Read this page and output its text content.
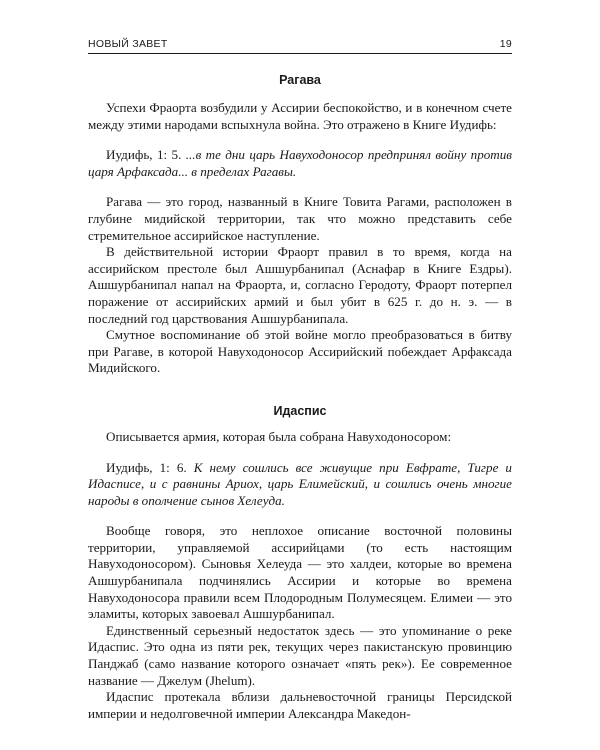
НОВЫЙ ЗАВЕТ	19
Рагава

Успехи Фраорта возбудили у Ассирии беспокойство, и в конечном счете между этими народами вспыхнула война. Это отражено в Книге Иудифь:

Иудифь, 1: 5. ...в те дни царь Навуходоносор предпринял войну против царя Арфаксада... в пределах Рагавы.

Рагава — это город, названный в Книге Товита Рагами, расположен в глубине мидийской территории, так что можно представить себе стремительное ассирийское наступление.

В действительной истории Фраорт правил в то время, когда на ассирийском престоле был Ашшурбанипал (Аснафар в Книге Ездры). Ашшурбанипал напал на Фраорта, и, согласно Геродоту, Фраорт потерпел поражение от ассирийских армий и был убит в 625 г. до н. э. — в последний год царствования Ашшурбанипала.

Смутное воспоминание об этой войне могло преобразоваться в битву при Рагаве, в которой Навуходоносор Ассирийский побеждает Арфаксада Мидийского.

Идаспис

Описывается армия, которая была собрана Навуходоносором:

Иудифь, 1: 6. К нему сошлись все живущие при Евфрате, Тигре и Идасписе, и с равнины Ариох, царь Елимейский, и сошлись очень многие народы в ополчение сынов Хелеуда.

Вообще говоря, это неплохое описание восточной половины территории, управляемой ассирийцами (то есть настоящим Навуходоносором). Сыновья Хелеуда — это халдеи, которые во времена Ашшурбанипала подчинялись Ассирии и которые во времена Навуходоносора правили всем Плодородным Полумесяцем. Елимеи — это эламиты, которых завоевал Ашшурбанипал.

Единственный серьезный недостаток здесь — это упоминание о реке Идаспис. Это одна из пяти рек, текущих через пакистанскую провинцию Панджаб (само название которого означает «пять рек»). Ее современное название — Джелум (Jhelum).

Идаспис протекала вблизи дальневосточной границы Персидской империи и недолговечной империи Александра Македон-
